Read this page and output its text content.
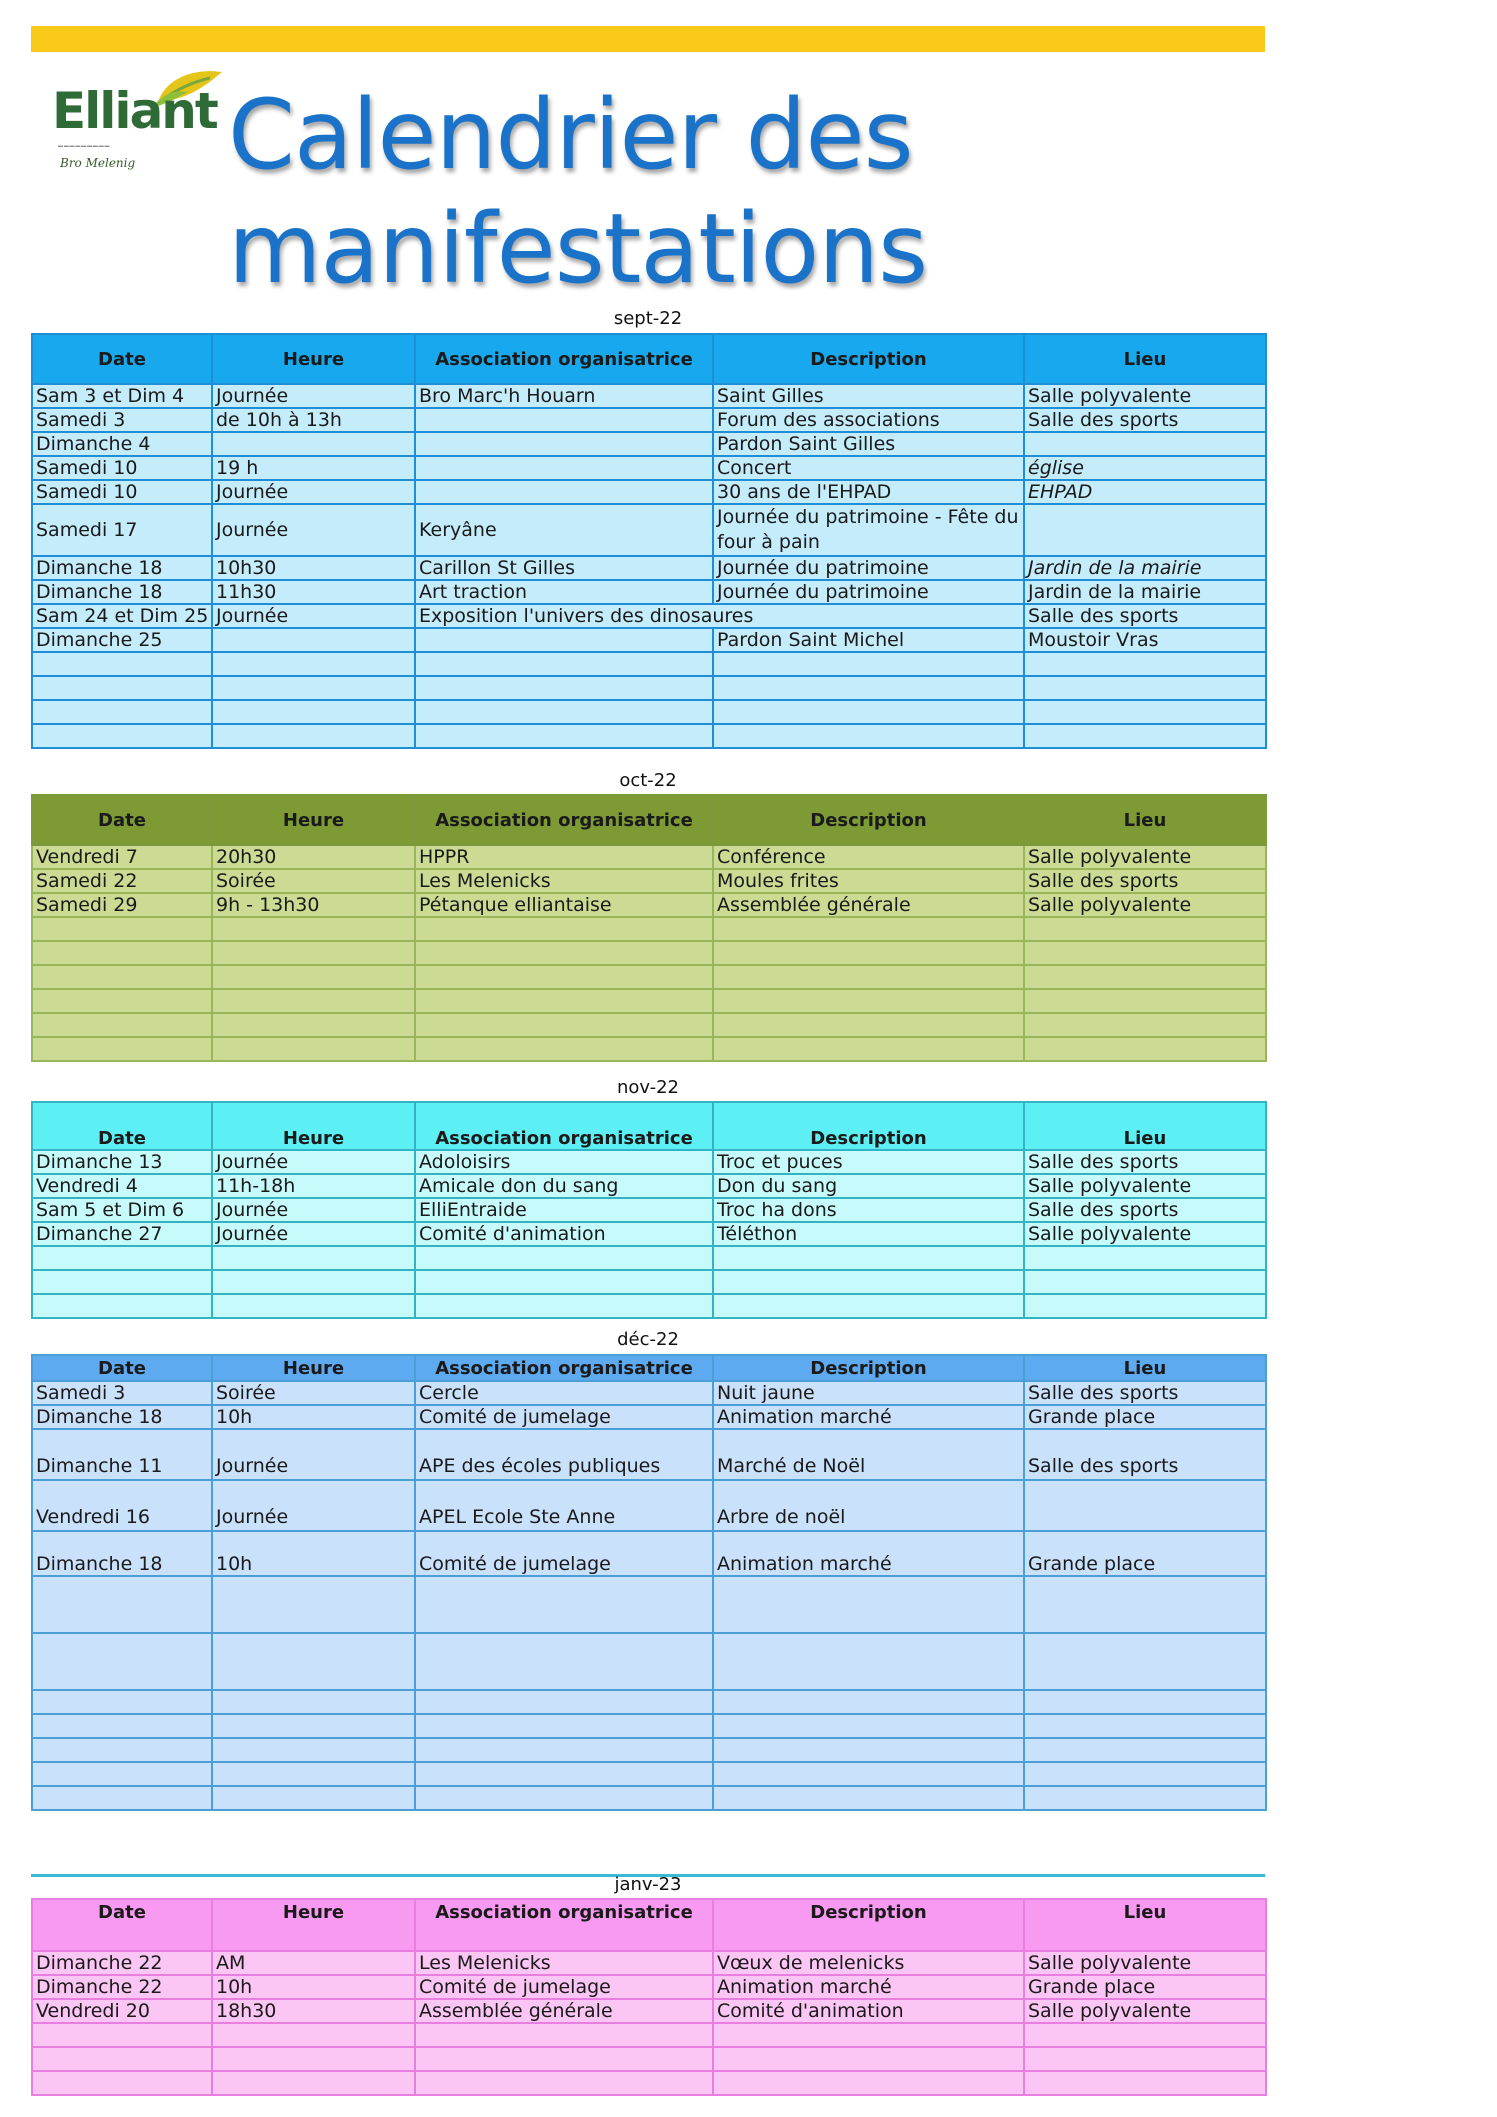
Elliant
━━━━━━━━━
Bro Melenig Calendrier des
manifestations
sept-22
Date	Heure	Association organisatrice	Description	Lieu
Sam 3 et Dim 4	Journée	Bro Marc'h Houarn	Saint Gilles	Salle polyvalente
Samedi 3	de 10h à 13h		Forum des associations	Salle des sports
Dimanche 4			Pardon Saint Gilles	
Samedi 10	19 h		Concert	église
Samedi 10	Journée		30 ans de l'EHPAD	EHPAD
Samedi 17	Journée	Keryâne	Journée du patrimoine - Fête du four à pain	
Dimanche 18	10h30	Carillon St Gilles	Journée du patrimoine	Jardin de la mairie
Dimanche 18	11h30	Art traction	Journée du patrimoine	Jardin de la mairie
Sam 24 et Dim 25	Journée	Exposition l'univers des dinosaures		Salle des sports
Dimanche 25			Pardon Saint Michel	Moustoir Vras

oct-22
Date	Heure	Association organisatrice	Description	Lieu
Vendredi 7	20h30	HPPR	Conférence	Salle polyvalente
Samedi 22	Soirée	Les Melenicks	Moules frites	Salle des sports
Samedi 29	9h - 13h30	Pétanque elliantaise	Assemblée générale	Salle polyvalente

nov-22
Date	Heure	Association organisatrice	Description	Lieu
Dimanche 13	Journée	Adoloisirs	Troc et puces	Salle des sports
Vendredi 4	11h-18h	Amicale don du sang	Don du sang	Salle polyvalente
Sam 5 et Dim 6	Journée	ElliEntraide	Troc ha dons	Salle des sports
Dimanche 27	Journée	Comité d'animation	Téléthon	Salle polyvalente

déc-22
Date	Heure	Association organisatrice	Description	Lieu
Samedi 3	Soirée	Cercle	Nuit jaune	Salle des sports
Dimanche 18	10h	Comité de jumelage	Animation marché	Grande place
Dimanche 11	Journée	APE des écoles publiques	Marché de Noël	Salle des sports
Vendredi 16	Journée	APEL Ecole Ste Anne	Arbre de noël	
Dimanche 18	10h	Comité de jumelage	Animation marché	Grande place

janv-23
Date	Heure	Association organisatrice	Description	Lieu
Dimanche 22	AM	Les Melenicks	Vœux de melenicks	Salle polyvalente
Dimanche 22	10h	Comité de jumelage	Animation marché	Grande place
Vendredi 20	18h30	Assemblée générale	Comité d'animation	Salle polyvalente
